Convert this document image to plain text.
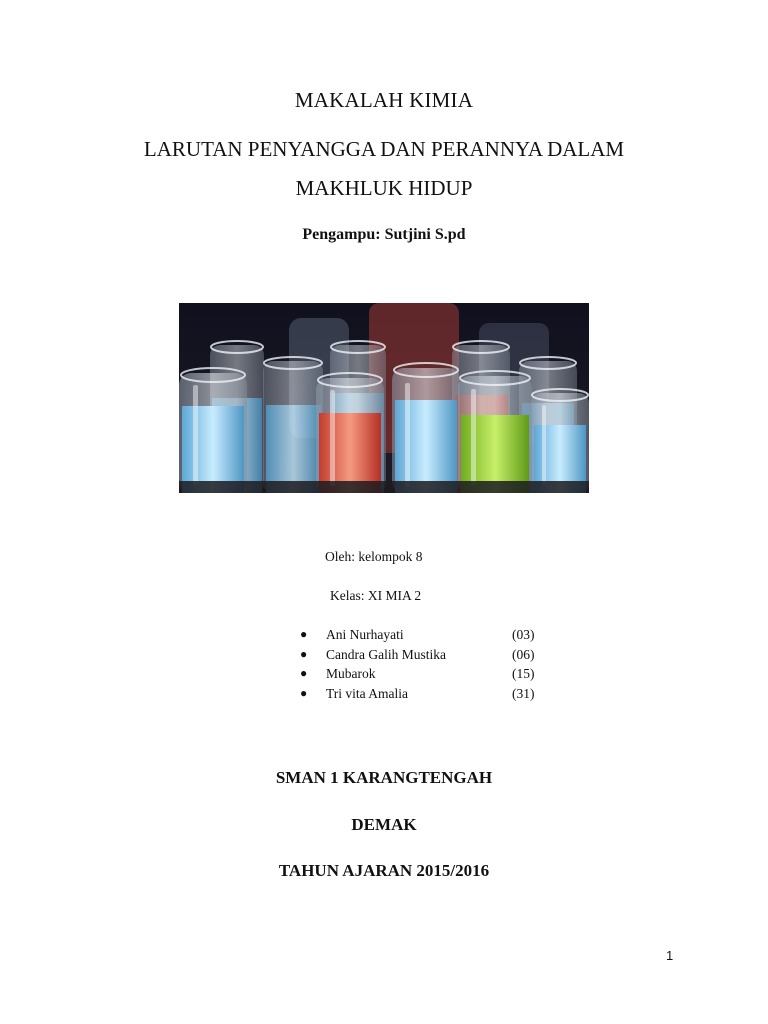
MAKALAH KIMIA
LARUTAN PENYANGGA DAN PERANNYA DALAM
MAKHLUK HIDUP
Pengampu: Sutjini S.pd
Oleh: kelompok 8
Kelas: XI MIA 2
● Ani Nurhayati	(03)
● Candra Galih Mustika	(06)
● Mubarok	(15)
● Tri vita Amalia	(31)
SMAN 1 KARANGTENGAH
DEMAK
TAHUN AJARAN 2015/2016
1
